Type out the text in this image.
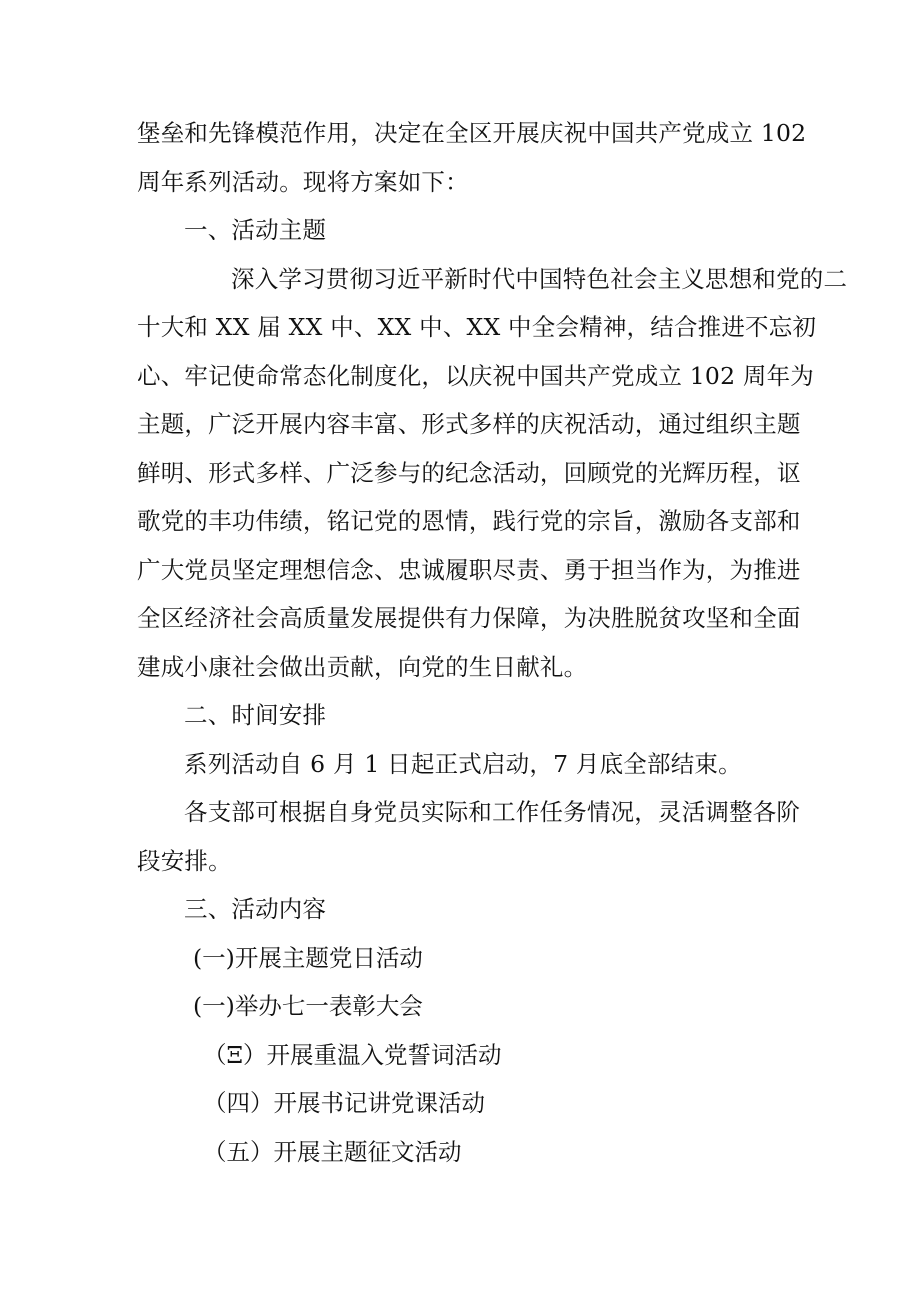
堡垒和先锋模范作用，决定在全区开展庆祝中国共产党成立 102
周年系列活动。现将方案如下：
一、活动主题
深入学习贯彻习近平新时代中国特色社会主义思想和党的二
十大和 XX 届 XX 中、XX 中、XX 中全会精神，结合推进不忘初
心、牢记使命常态化制度化，以庆祝中国共产党成立 102 周年为
主题，广泛开展内容丰富、形式多样的庆祝活动，通过组织主题
鲜明、形式多样、广泛参与的纪念活动，回顾党的光辉历程，讴
歌党的丰功伟绩，铭记党的恩情，践行党的宗旨，激励各支部和
广大党员坚定理想信念、忠诚履职尽责、勇于担当作为，为推进
全区经济社会高质量发展提供有力保障，为决胜脱贫攻坚和全面
建成小康社会做出贡献，向党的生日献礼。
二、时间安排
系列活动自 6 月 1 日起正式启动，7 月底全部结束。
各支部可根据自身党员实际和工作任务情况，灵活调整各阶
段安排。
三、活动内容
(一)开展主题党日活动
(一)举办七一表彰大会
（Ξ）开展重温入党誓词活动
（四）开展书记讲党课活动
（五）开展主题征文活动
